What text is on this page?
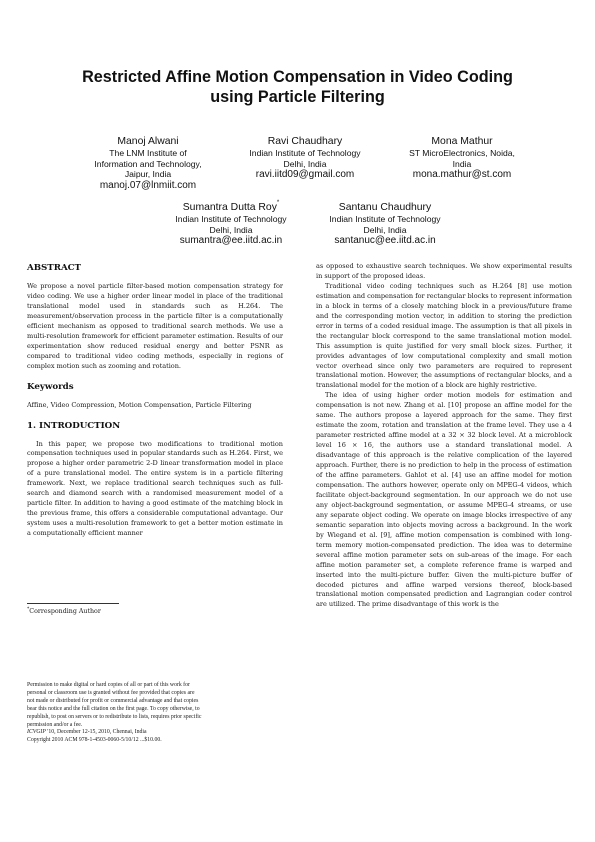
Restricted Affine Motion Compensation in Video Coding
using Particle Filtering
Manoj Alwani
The LNM Institute of
Information and Technology,
Jaipur, India
manoj.07@lnmiit.com
Ravi Chaudhary
Indian Institute of Technology
Delhi, India
ravi.iitd09@gmail.com
Mona Mathur
ST MicroElectronics, Noida,
India
mona.mathur@st.com
Sumantra Dutta Roy*
Indian Institute of Technology
Delhi, India
sumantra@ee.iitd.ac.in
Santanu Chaudhury
Indian Institute of Technology
Delhi, India
santanuc@ee.iitd.ac.in
ABSTRACT

We propose a novel particle filter-based motion compensation strategy for video coding. We use a higher order linear model in place of the traditional translational model used in standards such as H.264. The measurement/observation process in the particle filter is a computationally efficient mechanism as opposed to traditional search methods. We use a multi-resolution framework for efficient parameter estimation. Results of our experimentation show reduced residual energy and better PSNR as compared to traditional video coding methods, especially in regions of complex motion such as zooming and rotation.

Keywords

Affine, Video Compression, Motion Compensation, Particle Filtering

1. INTRODUCTION

In this paper, we propose two modifications to traditional motion compensation techniques used in popular standards such as H.264. First, we propose a higher order parametric 2-D linear transformation model in place of a pure translational model. The entire system is in a particle filtering framework. Next, we replace traditional search techniques such as full-search and diamond search with a randomised measurement model of a particle filter. In addition to having a good estimate of the matching block in the previous frame, this offers a considerable computational advantage. Our system uses a multi-resolution framework to get a better motion estimate in a computationally efficient manner

*Corresponding Author
Permission to make digital or hard copies of all or part of this work for
personal or classroom use is granted without fee provided that copies are
not made or distributed for profit or commercial advantage and that copies
bear this notice and the full citation on the first page. To copy otherwise, to
republish, to post on servers or to redistribute to lists, requires prior specific
permission and/or a fee.
ICVGIP '10, December 12-15, 2010, Chennai, India
Copyright 2010 ACM 978-1-4503-0060-5/10/12 ...$10.00.

as opposed to exhaustive search techniques. We show experimental results in support of the proposed ideas.

Traditional video coding techniques such as H.264 [8] use motion estimation and compensation for rectangular blocks to represent information in a block in terms of a closely matching block in a previous/future frame and the corresponding motion vector, in addition to storing the prediction error in terms of a coded residual image. The assumption is that all pixels in the rectangular block correspond to the same translational motion model. This assumption is quite justified for very small block sizes. Further, it provides advantages of low computational complexity and small motion vector overhead since only two parameters are required to represent translational motion. However, the assumptions of rectangular blocks, and a translational model for the motion of a block are highly restrictive.

The idea of using higher order motion models for estimation and compensation is not new. Zhang et al. [10] propose an affine model for the same. The authors propose a layered approach for the same. They first estimate the zoom, rotation and translation at the frame level. They use a 4 parameter restricted affine model at a 32 × 32 block level. At a microblock level 16 × 16, the authors use a standard translational model. A disadvantage of this approach is the relative complication of the layered approach. Further, there is no prediction to help in the process of estimation of the affine parameters. Gahlot et al. [4] use an affine model for motion compensation. The authors however, operate only on MPEG-4 videos, which facilitate object-background segmentation. In our approach we do not use any object-background segmentation, or assume MPEG-4 streams, or use any separate object coding. We operate on image blocks irrespective of any semantic separation into objects moving across a background. In the work by Wiegand et al. [9], affine motion compensation is combined with long-term memory motion-compensated prediction. The idea was to determine several affine motion parameter sets on sub-areas of the image. For each affine motion parameter set, a complete reference frame is warped and inserted into the multi-picture buffer. Given the multi-picture buffer of decoded pictures and affine warped versions thereof, block-based translational motion compensated prediction and Lagrangian coder control are utilized. The prime disadvantage of this work is the
